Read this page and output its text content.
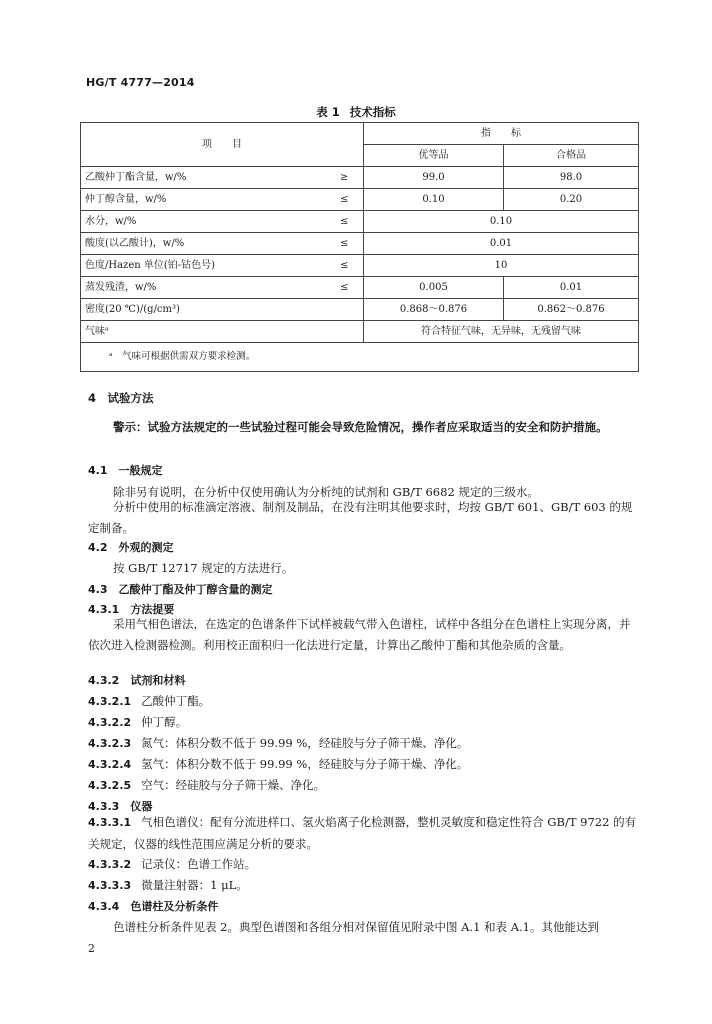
HG/T 4777—2014
表 1 技术指标
项　　目		指　　标	
		优等品	合格品
乙酸仲丁酯含量，w/%	≥	99.0	98.0
仲丁醇含量，w/%	≤	0.10	0.20
水分，w/%	≤	0.10	
酸度(以乙酸计)，w/%	≤	0.01	
色度/Hazen 单位(铂-钴色号)	≤	10	
蒸发残渣，w/%	≤	0.005	0.01
密度(20 ℃)/(g/cm³)		0.868～0.876	0.862～0.876
气味ᵃ		符合特征气味，无异味，无残留气味	
ᵃ　气味可根据供需双方要求检测。			
4　试验方法
警示：试验方法规定的一些试验过程可能会导致危险情况，操作者应采取适当的安全和防护措施。
4.1　一般规定
除非另有说明，在分析中仅使用确认为分析纯的试剂和 GB/T 6682 规定的三级水。
分析中使用的标准滴定溶液、制剂及制品，在没有注明其他要求时，均按 GB/T 601、GB/T 603 的规定制备。
4.2　外观的测定
按 GB/T 12717 规定的方法进行。
4.3　乙酸仲丁酯及仲丁醇含量的测定
4.3.1　方法提要
采用气相色谱法，在选定的色谱条件下试样被载气带入色谱柱，试样中各组分在色谱柱上实现分离，并依次进入检测器检测。利用校正面积归一化法进行定量，计算出乙酸仲丁酯和其他杂质的含量。
4.3.2　试剂和材料
4.3.2.1 乙酸仲丁酯。
4.3.2.2 仲丁醇。
4.3.2.3 氮气：体积分数不低于 99.99 %，经硅胶与分子筛干燥、净化。
4.3.2.4 氢气：体积分数不低于 99.99 %，经硅胶与分子筛干燥、净化。
4.3.2.5 空气：经硅胶与分子筛干燥、净化。
4.3.3　仪器
4.3.3.1 气相色谱仪：配有分流进样口、氢火焰离子化检测器，整机灵敏度和稳定性符合 GB/T 9722 的有关规定，仪器的线性范围应满足分析的要求。
4.3.3.2 记录仪：色谱工作站。
4.3.3.3 微量注射器：1 μL。
4.3.4　色谱柱及分析条件
色谱柱分析条件见表 2。典型色谱图和各组分相对保留值见附录中图 A.1 和表 A.1。其他能达到
2
